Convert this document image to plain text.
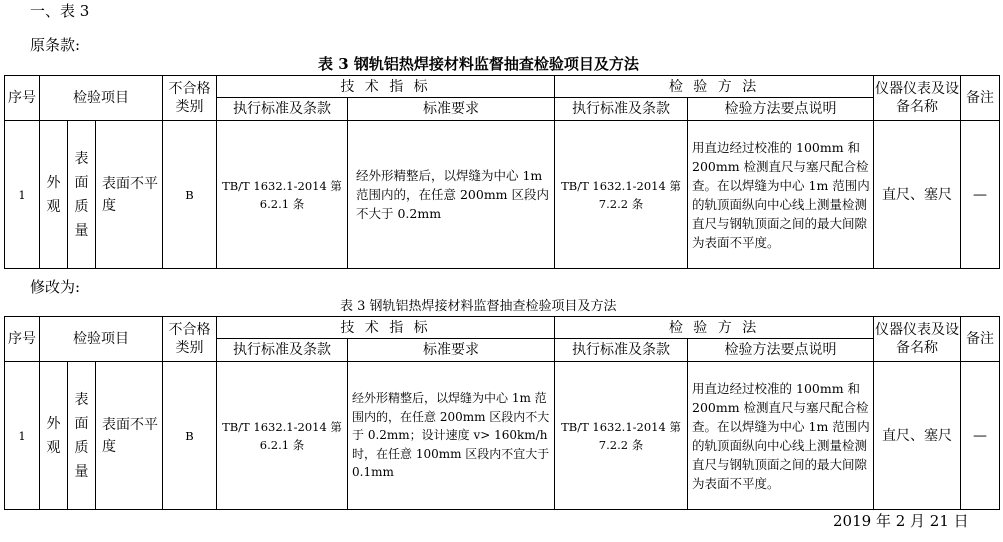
一、表 3
原条款:
表 3 钢轨铝热焊接材料监督抽查检验项目及方法
序号	检验项目			不合格类别	技 术 指 标		检 验 方 法		仪器仪表及设备名称	备注
					执行标准及条款	标准要求	执行标准及条款	检验方法要点说明		
1	外观	表面质量	表面不平度	B	TB/T 1632.1-2014 第 6.2.1 条	经外形精整后，以焊缝为中心 1m 范围内的，在任意 200mm 区段内不大于 0.2mm	TB/T 1632.1-2014 第 7.2.2 条	用直边经过校准的 100mm 和 200mm 检测直尺与塞尺配合检查。在以焊缝为中心 1m 范围内的轨顶面纵向中心线上测量检测直尺与钢轨顶面之间的最大间隙为表面不平度。	直尺、塞尺	—
修改为:
表 3 钢轨铝热焊接材料监督抽查检验项目及方法
序号	检验项目			不合格类别	技 术 指 标		检 验 方 法		仪器仪表及设备名称	备注
					执行标准及条款	标准要求	执行标准及条款	检验方法要点说明		
1	外观	表面质量	表面不平度	B	TB/T 1632.1-2014 第 6.2.1 条	经外形精整后，以焊缝为中心 1m 范围内的，在任意 200mm 区段内不大于 0.2mm；设计速度 v> 160km/h 时，在任意 100mm 区段内不宜大于 0.1mm	TB/T 1632.1-2014 第 7.2.2 条	用直边经过校准的 100mm 和 200mm 检测直尺与塞尺配合检查。在以焊缝为中心 1m 范围内的轨顶面纵向中心线上测量检测直尺与钢轨顶面之间的最大间隙为表面不平度。	直尺、塞尺	—
2019 年 2 月 21 日
